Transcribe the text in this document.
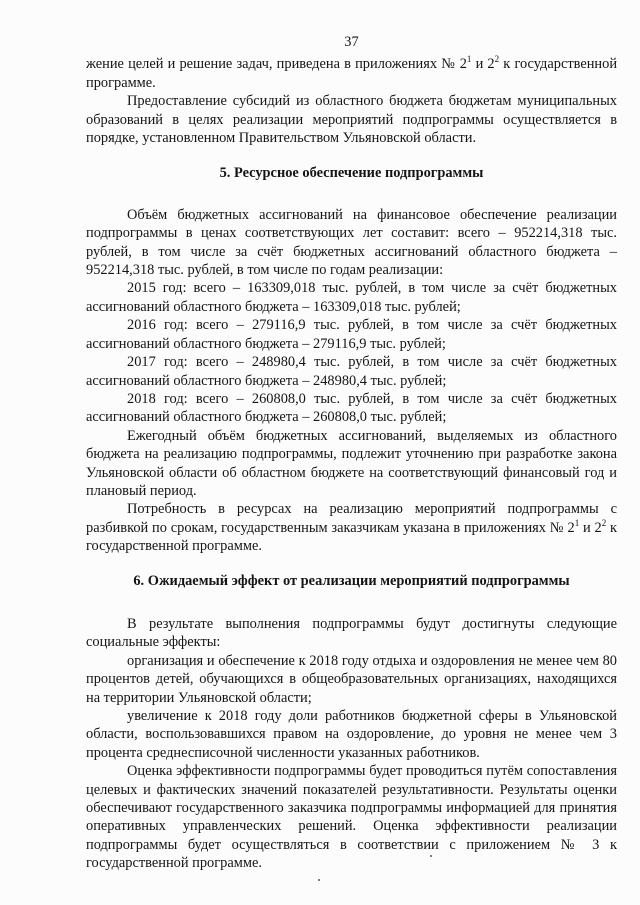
37

жение целей и решение задач, приведена в приложениях № $2^1$ и $2^2$ к государственной программе.

Предоставление субсидий из областного бюджета бюджетам муниципальных образований в целях реализации мероприятий подпрограммы осуществляется в порядке, установленном Правительством Ульяновской области.

5. Ресурсное обеспечение подпрограммы

Объём бюджетных ассигнований на финансовое обеспечение реализации подпрограммы в ценах соответствующих лет составит: всего – 952214,318 тыс. рублей, в том числе за счёт бюджетных ассигнований областного бюджета – 952214,318 тыс. рублей, в том числе по годам реализации:

2015 год: всего – 163309,018 тыс. рублей, в том числе за счёт бюджетных ассигнований областного бюджета – 163309,018 тыс. рублей;

2016 год: всего – 279116,9 тыс. рублей, в том числе за счёт бюджетных ассигнований областного бюджета – 279116,9 тыс. рублей;

2017 год: всего – 248980,4 тыс. рублей, в том числе за счёт бюджетных ассигнований областного бюджета – 248980,4 тыс. рублей;

2018 год: всего – 260808,0 тыс. рублей, в том числе за счёт бюджетных ассигнований областного бюджета – 260808,0 тыс. рублей;

Ежегодный объём бюджетных ассигнований, выделяемых из областного бюджета на реализацию подпрограммы, подлежит уточнению при разработке закона Ульяновской области об областном бюджете на соответствующий финансовый год и плановый период.

Потребность в ресурсах на реализацию мероприятий подпрограммы с разбивкой по срокам, государственным заказчикам указана в приложениях № $2^1$ и $2^2$ к государственной программе.

6. Ожидаемый эффект от реализации мероприятий подпрограммы

В результате выполнения подпрограммы будут достигнуты следующие социальные эффекты:

организация и обеспечение к 2018 году отдыха и оздоровления не менее чем 80 процентов детей, обучающихся в общеобразовательных организациях, находящихся на территории Ульяновской области;

увеличение к 2018 году доли работников бюджетной сферы в Ульяновской области, воспользовавшихся правом на оздоровление, до уровня не менее чем 3 процента среднесписочной численности указанных работников.

Оценка эффективности подпрограммы будет проводиться путём сопоставления целевых и фактических значений показателей результативности. Результаты оценки обеспечивают государственного заказчика подпрограммы информацией для принятия оперативных управленческих решений. Оценка эффективности реализации подпрограммы будет осуществляться в соответствии с приложением № 3 к государственной программе.
